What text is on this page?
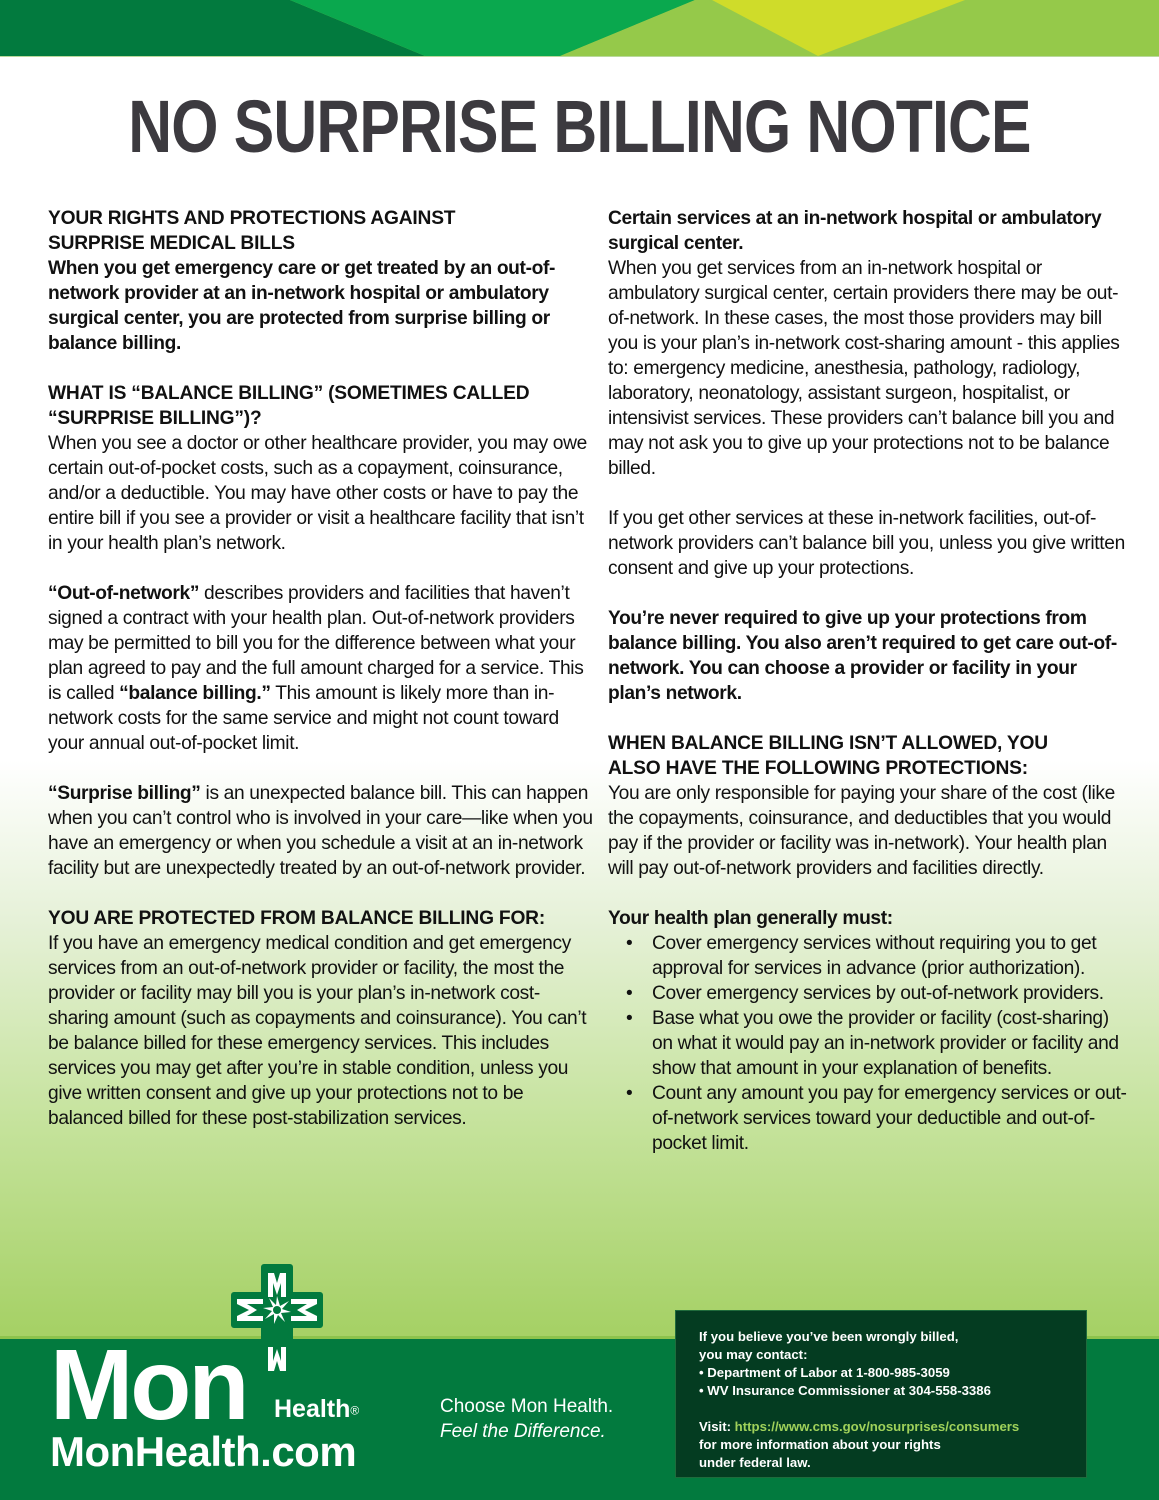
NO SURPRISE BILLING NOTICE

YOUR RIGHTS AND PROTECTIONS AGAINST
SURPRISE MEDICAL BILLS
When you get emergency care or get treated by an out-of-network provider at an in-network hospital or ambulatory surgical center, you are protected from surprise billing or balance billing.

WHAT IS “BALANCE BILLING” (SOMETIMES CALLED
“SURPRISE BILLING”)?
When you see a doctor or other healthcare provider, you may owe certain out-of-pocket costs, such as a copayment, coinsurance, and/or a deductible. You may have other costs or have to pay the entire bill if you see a provider or visit a healthcare facility that isn’t in your health plan’s network.

“Out-of-network” describes providers and facilities that haven’t signed a contract with your health plan. Out-of-network providers may be permitted to bill you for the difference between what your plan agreed to pay and the full amount charged for a service. This is called “balance billing.” This amount is likely more than in-network costs for the same service and might not count toward your annual out-of-pocket limit.

“Surprise billing” is an unexpected balance bill. This can happen when you can’t control who is involved in your care—like when you have an emergency or when you schedule a visit at an in-network facility but are unexpectedly treated by an out-of-network provider.

YOU ARE PROTECTED FROM BALANCE BILLING FOR:
If you have an emergency medical condition and get emergency services from an out-of-network provider or facility, the most the provider or facility may bill you is your plan’s in-network cost-sharing amount (such as copayments and coinsurance). You can’t be balance billed for these emergency services. This includes services you may get after you’re in stable condition, unless you give written consent and give up your protections not to be balanced billed for these post-stabilization services.

Certain services at an in-network hospital or ambulatory surgical center.
When you get services from an in-network hospital or ambulatory surgical center, certain providers there may be out-of-network. In these cases, the most those providers may bill you is your plan’s in-network cost-sharing amount - this applies to: emergency medicine, anesthesia, pathology, radiology, laboratory, neonatology, assistant surgeon, hospitalist, or intensivist services. These providers can’t balance bill you and may not ask you to give up your protections not to be balance billed.

If you get other services at these in-network facilities, out-of-network providers can’t balance bill you, unless you give written consent and give up your protections.

You’re never required to give up your protections from balance billing. You also aren’t required to get care out-of-network. You can choose a provider or facility in your plan’s network.

WHEN BALANCE BILLING ISN’T ALLOWED, YOU
ALSO HAVE THE FOLLOWING PROTECTIONS:
You are only responsible for paying your share of the cost (like the copayments, coinsurance, and deductibles that you would pay if the provider or facility was in-network). Your health plan will pay out-of-network providers and facilities directly.

Your health plan generally must:
• Cover emergency services without requiring you to get approval for services in advance (prior authorization).
• Cover emergency services by out-of-network providers.
• Base what you owe the provider or facility (cost-sharing) on what it would pay an in-network provider or facility and show that amount in your explanation of benefits.
• Count any amount you pay for emergency services or out-of-network services toward your deductible and out-of-pocket limit.
Mon Health®
MonHealth.com
Choose Mon Health.
Feel the Difference.
If you believe you’ve been wrongly billed,
you may contact:
• Department of Labor at 1-800-985-3059
• WV Insurance Commissioner at 304-558-3386
Visit: https://www.cms.gov/nosurprises/consumers
for more information about your rights
under federal law.
